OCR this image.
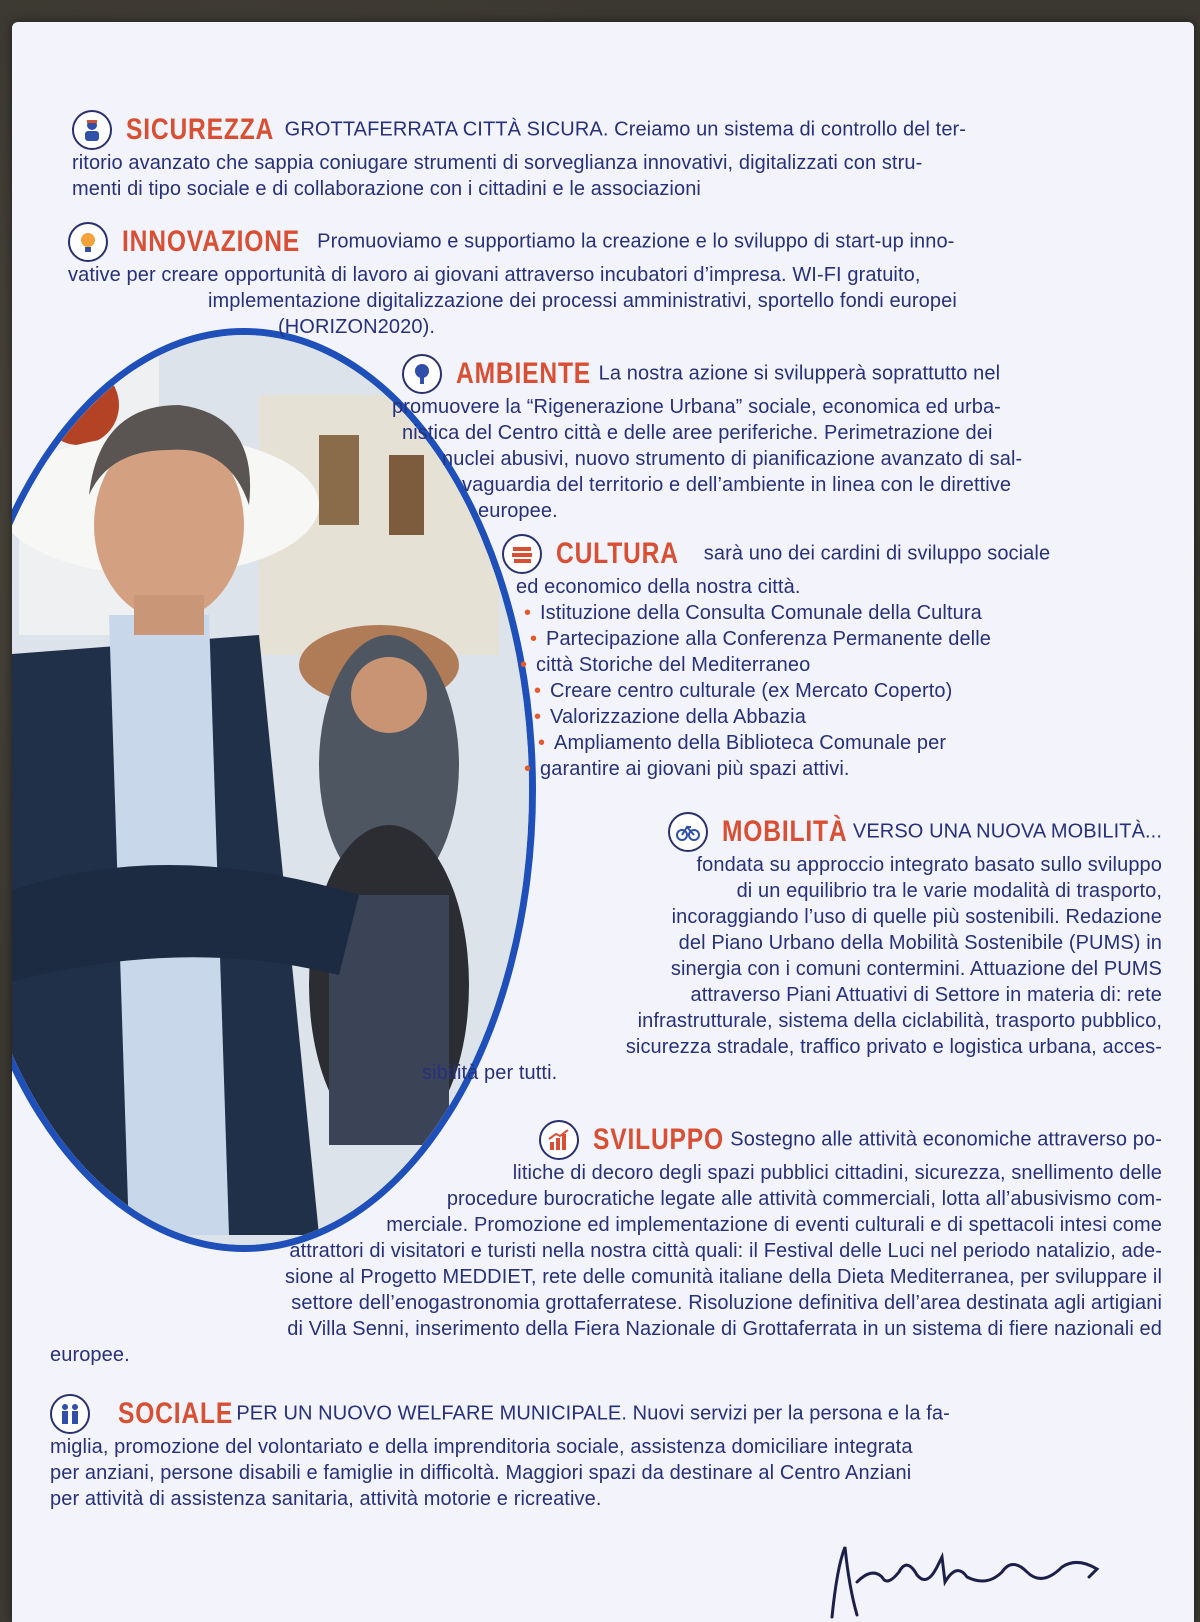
SICUREZZA GROTTAFERRATA CITTÀ SICURA. Creiamo un sistema di controllo del ter-

ritorio avanzato che sappia coniugare strumenti di sorveglianza innovativi, digitalizzati con stru-

menti di tipo sociale e di collaborazione con i cittadini e le associazioni

INNOVAZIONE Promuoviamo e supportiamo la creazione e lo sviluppo di start-up inno-

vative per creare opportunità di lavoro ai giovani attraverso incubatori d’impresa. WI-FI gratuito,

implementazione digitalizzazione dei processi amministrativi, sportello fondi europei

(HORIZON2020).

AMBIENTE La nostra azione si svilupperà soprattutto nel

promuovere la “Rigenerazione Urbana” sociale, economica ed urba-

nistica del Centro città e delle aree periferiche. Perimetrazione dei

nuclei abusivi, nuovo strumento di pianificazione avanzato di sal-

vaguardia del territorio e dell’ambiente in linea con le direttive

europee.

CULTURA sarà uno dei cardini di sviluppo sociale

ed economico della nostra città.

• Istituzione della Consulta Comunale della Cultura
• Partecipazione alla Conferenza Permanente delle
• città Storiche del Mediterraneo
• Creare centro culturale (ex Mercato Coperto)
• Valorizzazione della Abbazia
• Ampliamento della Biblioteca Comunale per
• garantire ai giovani più spazi attivi.

MOBILITÀ VERSO UNA NUOVA MOBILITÀ...

fondata su approccio integrato basato sullo sviluppo

di un equilibrio tra le varie modalità di trasporto,

incoraggiando l’uso di quelle più sostenibili. Redazione

del Piano Urbano della Mobilità Sostenibile (PUMS) in

sinergia con i comuni contermini. Attuazione del PUMS

attraverso Piani Attuativi di Settore in materia di: rete

infrastrutturale, sistema della ciclabilità, trasporto pubblico,

sicurezza stradale, traffico privato e logistica urbana, acces-

sibilità per tutti.

SVILUPPO Sostegno alle attività economiche attraverso po-

litiche di decoro degli spazi pubblici cittadini, sicurezza, snellimento delle

procedure burocratiche legate alle attività commerciali, lotta all’abusivismo com-

merciale. Promozione ed implementazione di eventi culturali e di spettacoli intesi come

attrattori di visitatori e turisti nella nostra città quali: il Festival delle Luci nel periodo natalizio, ade-

sione al Progetto MEDDIET, rete delle comunità italiane della Dieta Mediterranea, per sviluppare il

settore dell’enogastronomia grottaferratese. Risoluzione definitiva dell’area destinata agli artigiani

di Villa Senni, inserimento della Fiera Nazionale di Grottaferrata in un sistema di fiere nazionali ed

europee.

SOCIALE PER UN NUOVO WELFARE MUNICIPALE. Nuovi servizi per la persona e la fa-

miglia, promozione del volontariato e della imprenditoria sociale, assistenza domiciliare integrata

per anziani, persone disabili e famiglie in difficoltà. Maggiori spazi da destinare al Centro Anziani

per attività di assistenza sanitaria, attività motorie e ricreative.
